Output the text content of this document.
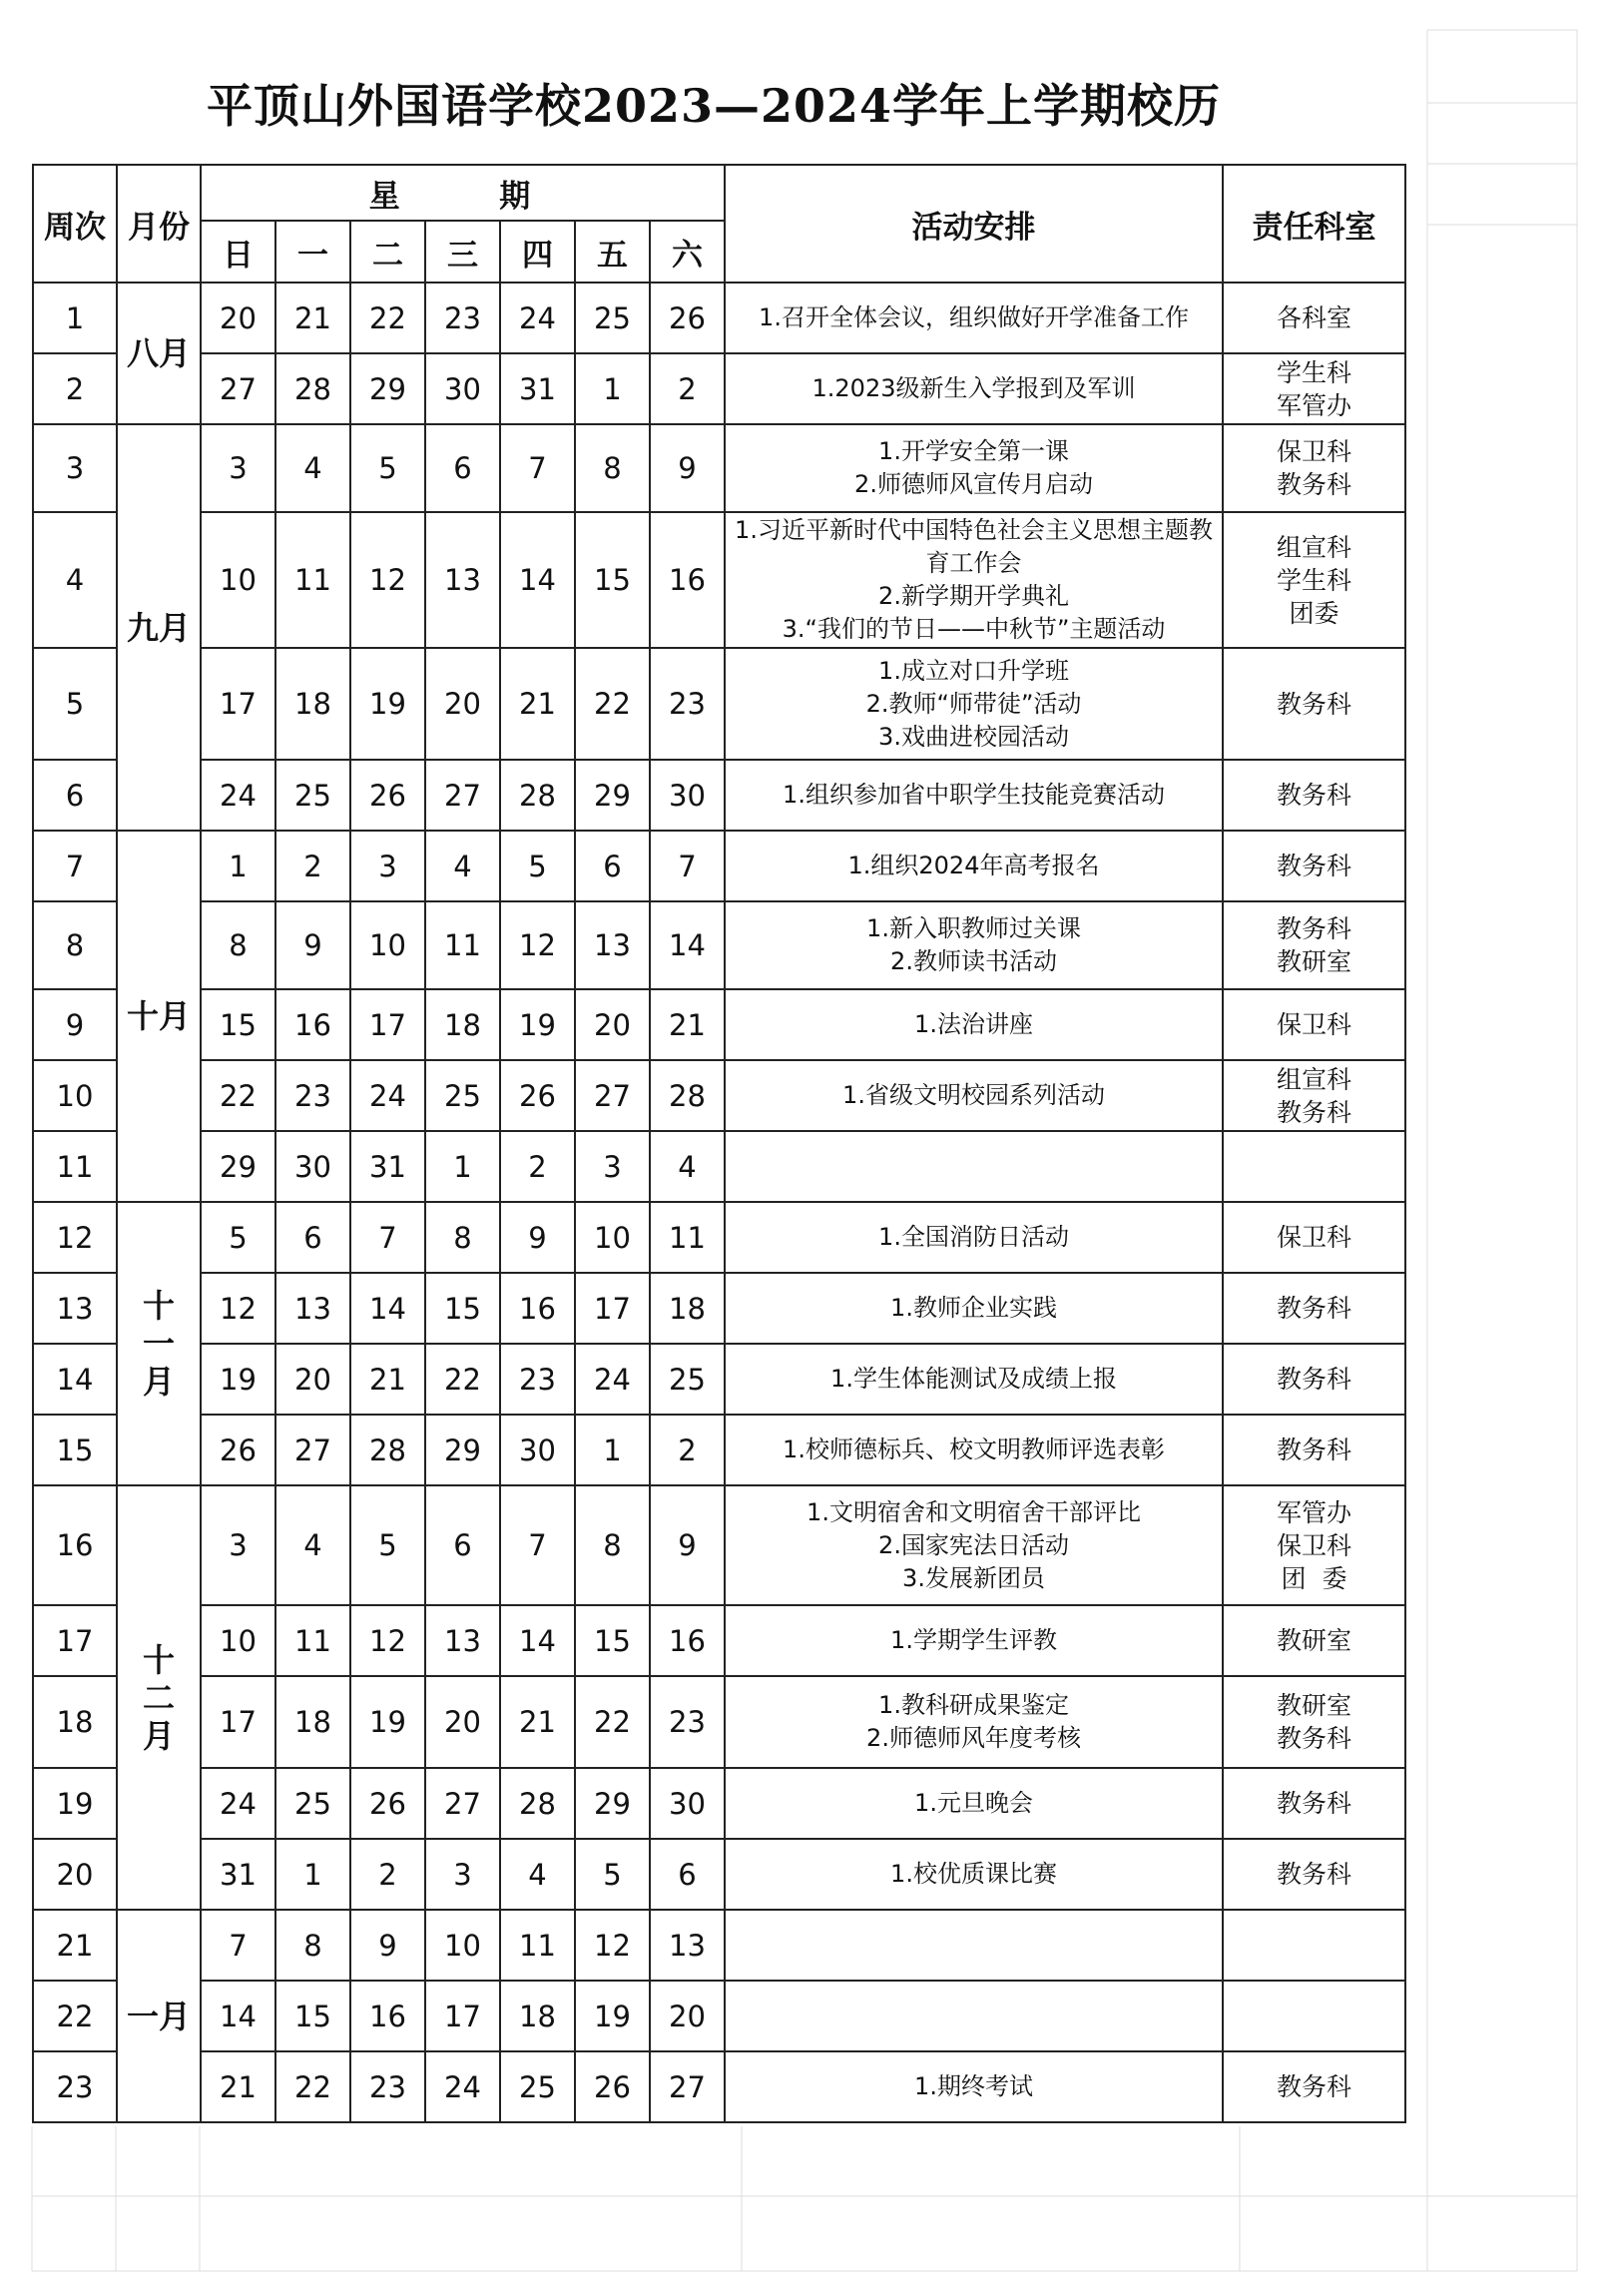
平顶山外国语学校2023—2024学年上学期校历
周次	月份	星  期							活动安排	责任科室
		日	一	二	三	四	五	六		
1	八月	20	21	22	23	24	25	26	1.召开全体会议，组织做好开学准备工作	各科室

2		27	28	29	30	31	1	2	1.2023级新生入学报到及军训	学生科
军管办

3	九月	3	4	5	6	7	8	9	1.开学安全第一课
2.师德师风宣传月启动	保卫科
教务科

4		10	11	12	13	14	15	16	1.习近平新时代中国特色社会主义思想主题教育工作会
2.新学期开学典礼
3.“我们的节日——中秋节”主题活动	组宣科
学生科
团委

5		17	18	19	20	21	22	23	1.成立对口升学班
2.教师“师带徒”活动
3.戏曲进校园活动	教务科

6		24	25	26	27	28	29	30	1.组织参加省中职学生技能竞赛活动	教务科

7	十月	1	2	3	4	5	6	7	1.组织2024年高考报名	教务科

8		8	9	10	11	12	13	14	1.新入职教师过关课
2.教师读书活动	教务科
教研室

9		15	16	17	18	19	20	21	1.法治讲座	保卫科

10		22	23	24	25	26	27	28	1.省级文明校园系列活动	组宣科
教务科

11		29	30	31	1	2	3	4		
12	十一月	5	6	7	8	9	10	11	1.全国消防日活动	保卫科

13		12	13	14	15	16	17	18	1.教师企业实践	教务科

14		19	20	21	22	23	24	25	1.学生体能测试及成绩上报	教务科

15		26	27	28	29	30	1	2	1.校师德标兵、校文明教师评选表彰	教务科

16	十二月	3	4	5	6	7	8	9	1.文明宿舍和文明宿舍干部评比
2.国家宪法日活动
3.发展新团员	军管办
保卫科
团  委

17		10	11	12	13	14	15	16	1.学期学生评教	教研室

18		17	18	19	20	21	22	23	1.教科研成果鉴定
2.师德师风年度考核	教研室
教务科

19		24	25	26	27	28	29	30	1.元旦晚会	教务科

20		31	1	2	3	4	5	6	1.校优质课比赛	教务科

21	一月	7	8	9	10	11	12	13		
22		14	15	16	17	18	19	20		
23		21	22	23	24	25	26	27	1.期终考试	教务科
